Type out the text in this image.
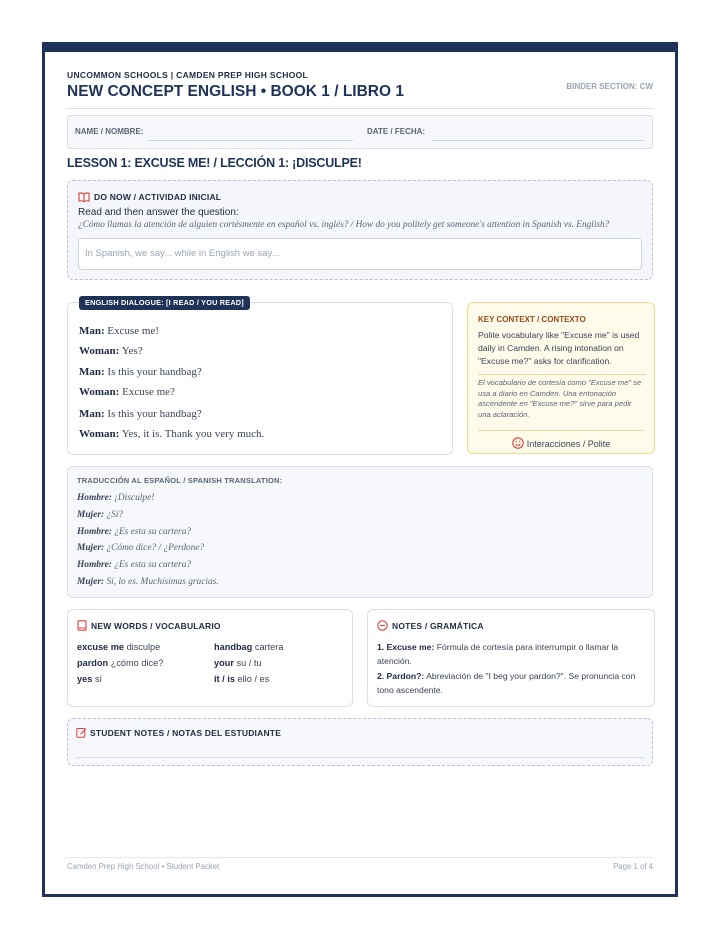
UNCOMMON SCHOOLS | CAMDEN PREP HIGH SCHOOL
NEW CONCEPT ENGLISH • BOOK 1 / LIBRO 1	BINDER SECTION: CW
NAME / NOMBRE:	DATE / FECHA:
LESSON 1: EXCUSE ME! / LECCIÓN 1: ¡DISCULPE!
DO NOW / ACTIVIDAD INICIAL
Read and then answer the question:
¿Cómo llamas la atención de alguien cortésmente en español vs. inglés? / How do you politely get someone's attention in Spanish vs. English?
In Spanish, we say... while in English we say...
Man: Excuse me!
Woman: Yes?
Man: Is this your handbag?
Woman: Excuse me?
Man: Is this your handbag?
Woman: Yes, it is. Thank you very much.
ENGLISH DIALOGUE: [I READ / YOU READ]
KEY CONTEXT / CONTEXTO
Polite vocabulary like "Excuse me" is used daily in Camden. A rising intonation on "Excuse me?" asks for clarification.
El vocabulario de cortesía como "Excuse me" se usa a diario en Camden. Una entonación ascendente en "Excuse me?" sirve para pedir una aclaración.
Interacciones / Polite
TRADUCCIÓN AL ESPAÑOL / SPANISH TRANSLATION:
Hombre: ¡Disculpe!
Mujer: ¿Sí?
Hombre: ¿Es esta su cartera?
Mujer: ¿Cómo dice? / ¿Perdone?
Hombre: ¿Es esta su cartera?
Mujer: Sí, lo es. Muchísimas gracias.
NEW WORDS / VOCABULARIO
excuse me disculpe	handbag cartera
pardon ¿cómo dice?	your su / tu
yes sí	it / is ello / es
NOTES / GRAMÁTICA
1. Excuse me: Fórmula de cortesía para interrumpir o llamar la atención.
2. Pardon?: Abreviación de "I beg your pardon?". Se pronuncia con tono ascendente.
STUDENT NOTES / NOTAS DEL ESTUDIANTE
Camden Prep High School • Student Packet	Page 1 of 4
